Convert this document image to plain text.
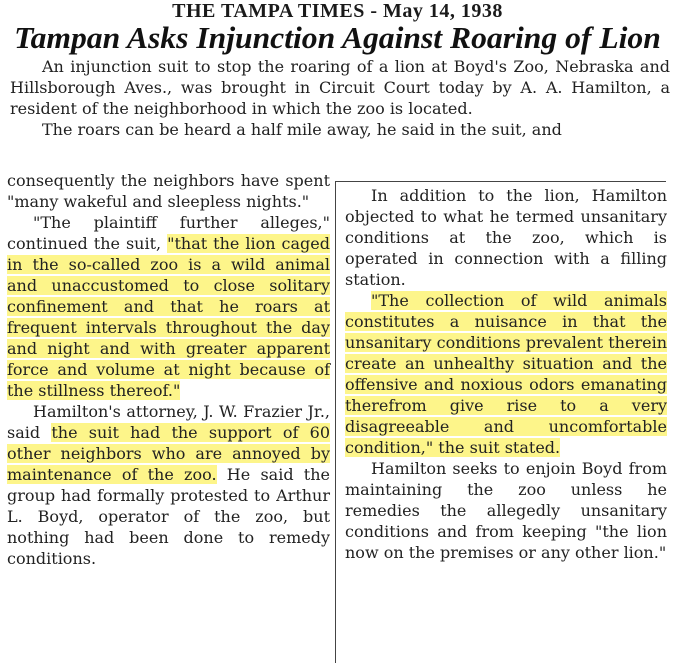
THE TAMPA TIMES - May 14, 1938
Tampan Asks Injunction Against Roaring of Lion

An injunction suit to stop the roaring of a lion at Boyd's Zoo, Nebraska and Hillsborough Aves., was brought in Circuit Court today by A. A. Hamilton, a resident of the neighborhood in which the zoo is located.

The roars can be heard a half mile away, he said in the suit, and

consequently the neighbors have spent "many wakeful and sleepless nights."

"The plaintiff further alleges," continued the suit, "that the lion caged in the so-called zoo is a wild animal and unaccustomed to close solitary confinement and that he roars at frequent intervals throughout the day and night and with greater apparent force and volume at night because of the stillness thereof."

Hamilton's attorney, J. W. Frazier Jr., said the suit had the support of 60 other neighbors who are annoyed by maintenance of the zoo. He said the group had formally protested to Arthur L. Boyd, operator of the zoo, but nothing had been done to remedy conditions.

In addition to the lion, Hamilton objected to what he termed unsanitary conditions at the zoo, which is operated in connection with a filling station.

"The collection of wild animals constitutes a nuisance in that the unsanitary conditions prevalent therein create an unhealthy situation and the offensive and noxious odors emanating therefrom give rise to a very disagreeable and uncomfortable condition," the suit stated.

Hamilton seeks to enjoin Boyd from maintaining the zoo unless he remedies the allegedly unsanitary conditions and from keeping "the lion now on the premises or any other lion."
